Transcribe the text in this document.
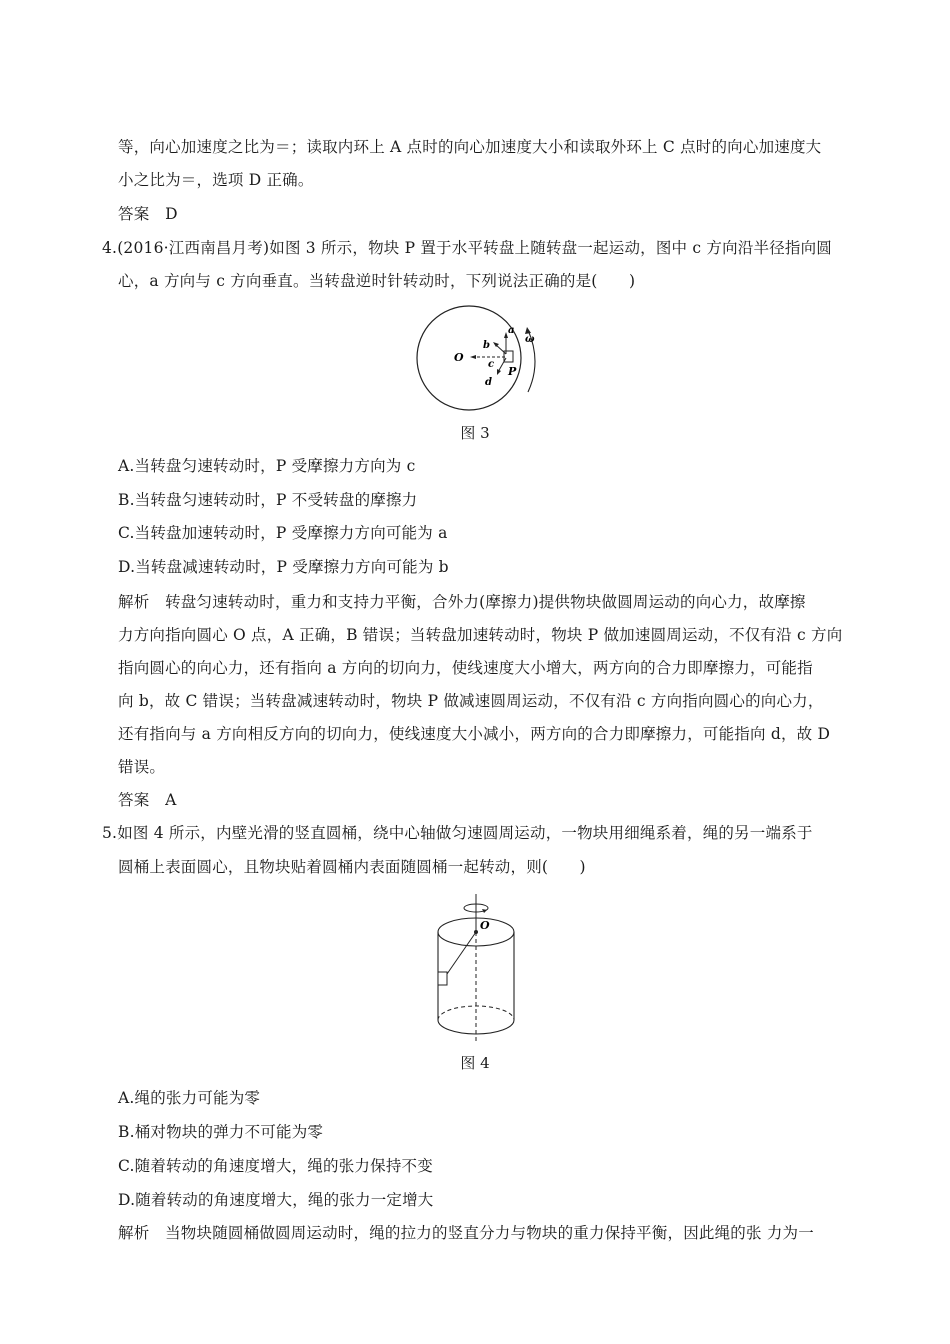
等，向心加速度之比为＝；读取内环上 A 点时的向心加速度大小和读取外环上 C 点时的向心加速度大
小之比为＝，选项 D 正确。
答案　D
4.(2016·江西南昌月考)如图 3 所示，物块 P 置于水平转盘上随转盘一起运动，图中 c 方向沿半径指向圆
心，a 方向与 c 方向垂直。当转盘逆时针转动时，下列说法正确的是(　　)
O
a
b
c
d
P
ω
图 3
A.当转盘匀速转动时，P 受摩擦力方向为 c
B.当转盘匀速转动时，P 不受转盘的摩擦力
C.当转盘加速转动时，P 受摩擦力方向可能为 a
D.当转盘减速转动时，P 受摩擦力方向可能为 b
解析　转盘匀速转动时，重力和支持力平衡，合外力(摩擦力)提供物块做圆周运动的向心力，故摩擦
力方向指向圆心 O 点，A 正确，B 错误；当转盘加速转动时，物块 P 做加速圆周运动，不仅有沿 c 方向
指向圆心的向心力，还有指向 a 方向的切向力，使线速度大小增大，两方向的合力即摩擦力，可能指
向 b，故 C 错误；当转盘减速转动时，物块 P 做减速圆周运动，不仅有沿 c 方向指向圆心的向心力，
还有指向与 a 方向相反方向的切向力，使线速度大小减小，两方向的合力即摩擦力，可能指向 d，故 D
错误。
答案　A
5.如图 4 所示，内壁光滑的竖直圆桶，绕中心轴做匀速圆周运动，一物块用细绳系着，绳的另一端系于
圆桶上表面圆心，且物块贴着圆桶内表面随圆桶一起转动，则(　　)
O
图 4
A.绳的张力可能为零
B.桶对物块的弹力不可能为零
C.随着转动的角速度增大，绳的张力保持不变
D.随着转动的角速度增大，绳的张力一定增大
解析　当物块随圆桶做圆周运动时，绳的拉力的竖直分力与物块的重力保持平衡，因此绳的张 力为一
